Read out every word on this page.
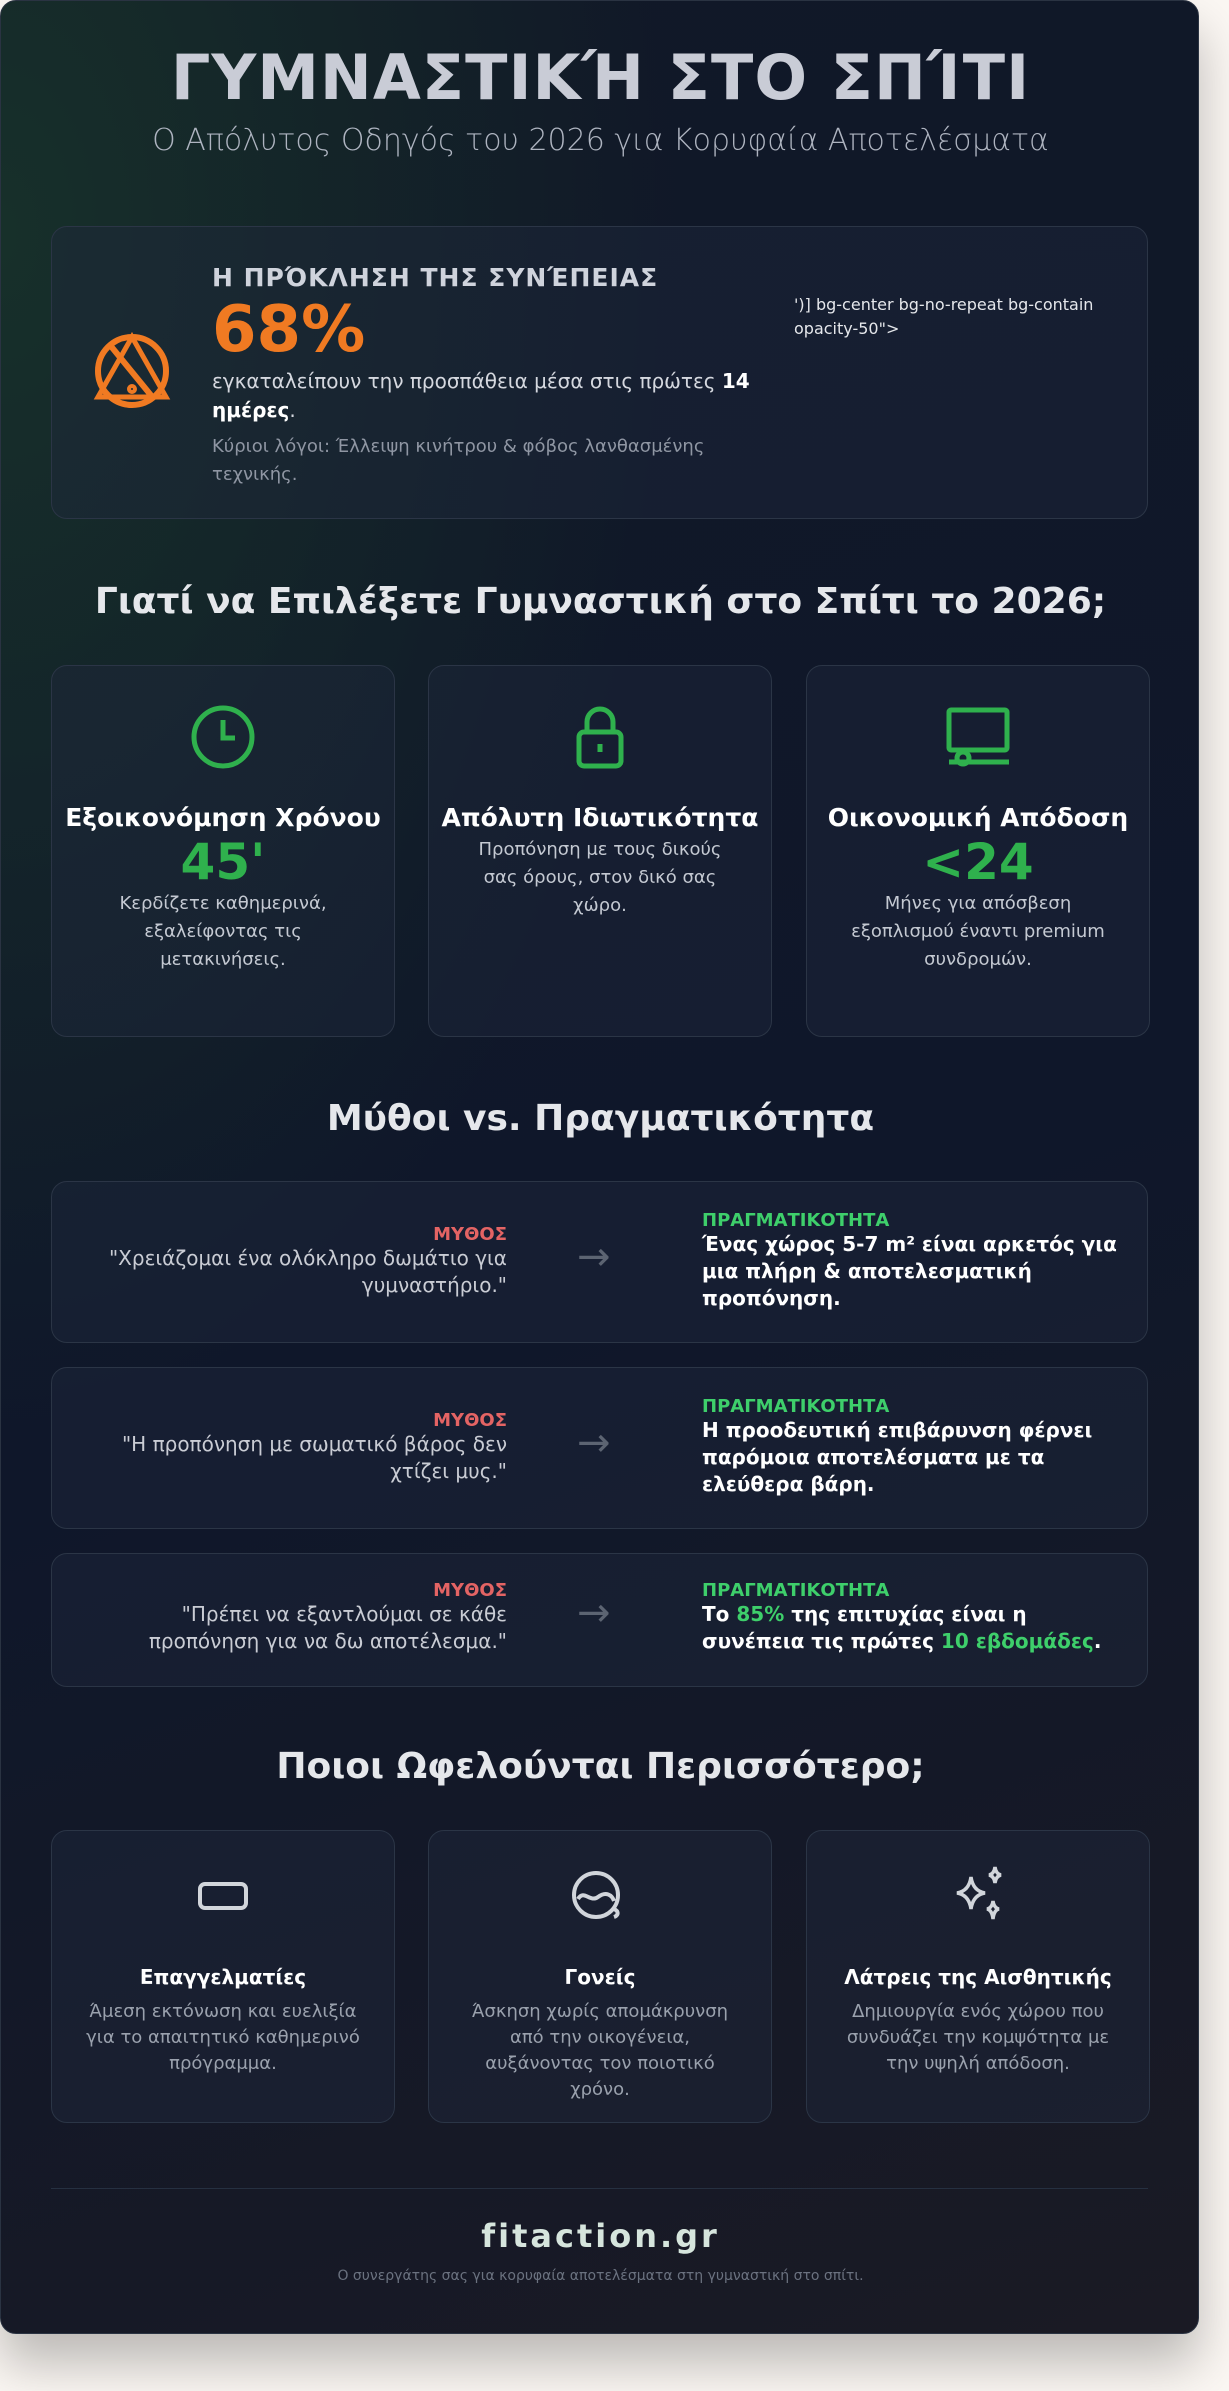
ΓΥΜΝΑΣΤΙΚΉ ΣΤΟ ΣΠΊΤΙ
Ο Απόλυτος Οδηγός του 2026 για Κορυφαία Αποτελέσματα
Η ΠΡΌΚΛΗΣΗ ΤΗΣ ΣΥΝΈΠΕΙΑΣ
68%
εγκαταλείπουν την προσπάθεια μέσα στις πρώτες 14 ημέρες.
Κύριοι λόγοι: Έλλειψη κινήτρου & φόβος λανθασμένης τεχνικής.
')] bg-center bg-no-repeat bg-contain opacity-50">
Γιατί να Επιλέξετε Γυμναστική στο Σπίτι το 2026;
Εξοικονόμηση Χρόνου
45'
Κερδίζετε καθημερινά, εξαλείφοντας τις μετακινήσεις.
Απόλυτη Ιδιωτικότητα
Προπόνηση με τους δικούς σας όρους, στον δικό σας χώρο.
Οικονομική Απόδοση
<24
Μήνες για απόσβεση εξοπλισμού έναντι premium συνδρομών.
Μύθοι vs. Πραγματικότητα
ΜΥΘΟΣ
"Χρειάζομαι ένα ολόκληρο δωμάτιο για γυμναστήριο."
→
ΠΡΑΓΜΑΤΙΚΟΤΗΤΑ
Ένας χώρος 5-7 m² είναι αρκετός για μια πλήρη & αποτελεσματική προπόνηση.
ΜΥΘΟΣ
"Η προπόνηση με σωματικό βάρος δεν χτίζει μυς."
→
ΠΡΑΓΜΑΤΙΚΟΤΗΤΑ
Η προοδευτική επιβάρυνση φέρνει παρόμοια αποτελέσματα με τα ελεύθερα βάρη.
ΜΥΘΟΣ
"Πρέπει να εξαντλούμαι σε κάθε προπόνηση για να δω αποτέλεσμα."
→	ΠΡΑΓΜΑΤΙΚΟΤΗΤΑ
Το 85% της επιτυχίας είναι η συνέπεια τις πρώτες 10 εβδομάδες.
Ποιοι Ωφελούνται Περισσότερο;
Επαγγελματίες
Άμεση εκτόνωση και ευελιξία για το απαιτητικό καθημερινό πρόγραμμα.
Γονείς
Άσκηση χωρίς απομάκρυνση από την οικογένεια, αυξάνοντας τον ποιοτικό χρόνο.
Λάτρεις της Αισθητικής
Δημιουργία ενός χώρου που συνδυάζει την κομψότητα με την υψηλή απόδοση.
fitaction.gr
Ο συνεργάτης σας για κορυφαία αποτελέσματα στη γυμναστική στο σπίτι.
